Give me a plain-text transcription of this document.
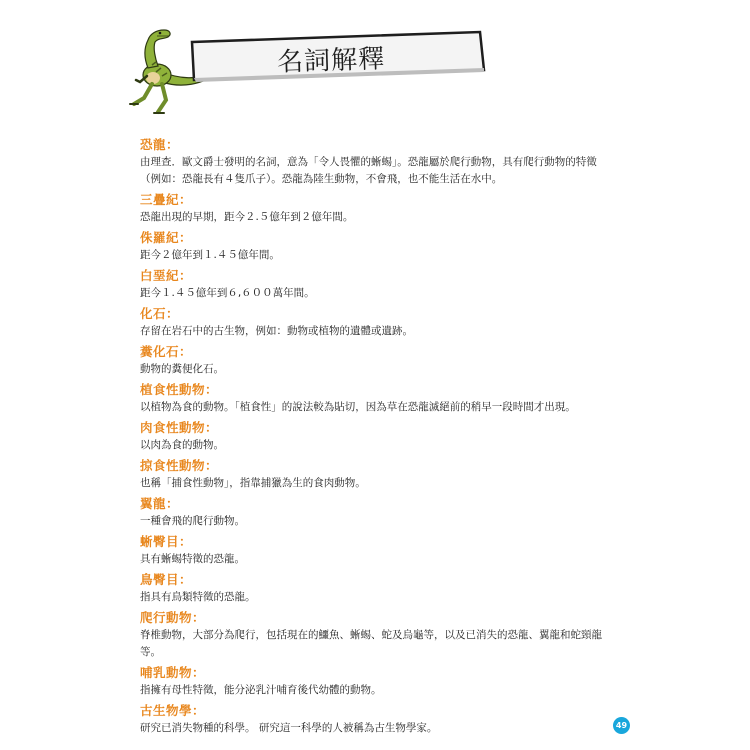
名詞解釋
恐龍：
由理查．歐文爵士發明的名詞，意為「令人畏懼的蜥蜴」。恐龍屬於爬行動物，具有爬行動物的特徵（例如：恐龍長有４隻爪子）。恐龍為陸生動物，不會飛，也不能生活在水中。
三疊紀：
恐龍出現的早期，距今２.５億年到２億年間。
侏羅紀：
距今２億年到１.４５億年間。
白堊紀：
距今１.４５億年到６,６００萬年間。
化石：
存留在岩石中的古生物，例如：動物或植物的遺體或遺跡。
糞化石：
動物的糞便化石。
植食性動物：
以植物為食的動物。「植食性」的說法較為貼切，因為草在恐龍滅絕前的稍早一段時間才出現。
肉食性動物：
以肉為食的動物。
掠食性動物：
也稱「捕食性動物」，指靠捕獵為生的食肉動物。
翼龍：
一種會飛的爬行動物。
蜥臀目：
具有蜥蜴特徵的恐龍。
鳥臀目：
指具有鳥類特徵的恐龍。
爬行動物：
脊椎動物，大部分為爬行，包括現在的鱷魚、蜥蜴、蛇及烏龜等，以及已消失的恐龍、翼龍和蛇頸龍等。
哺乳動物：
指擁有母性特徵，能分泌乳汁哺育後代幼體的動物。
古生物學：
研究已消失物種的科學。 研究這一科學的人被稱為古生物學家。	49
